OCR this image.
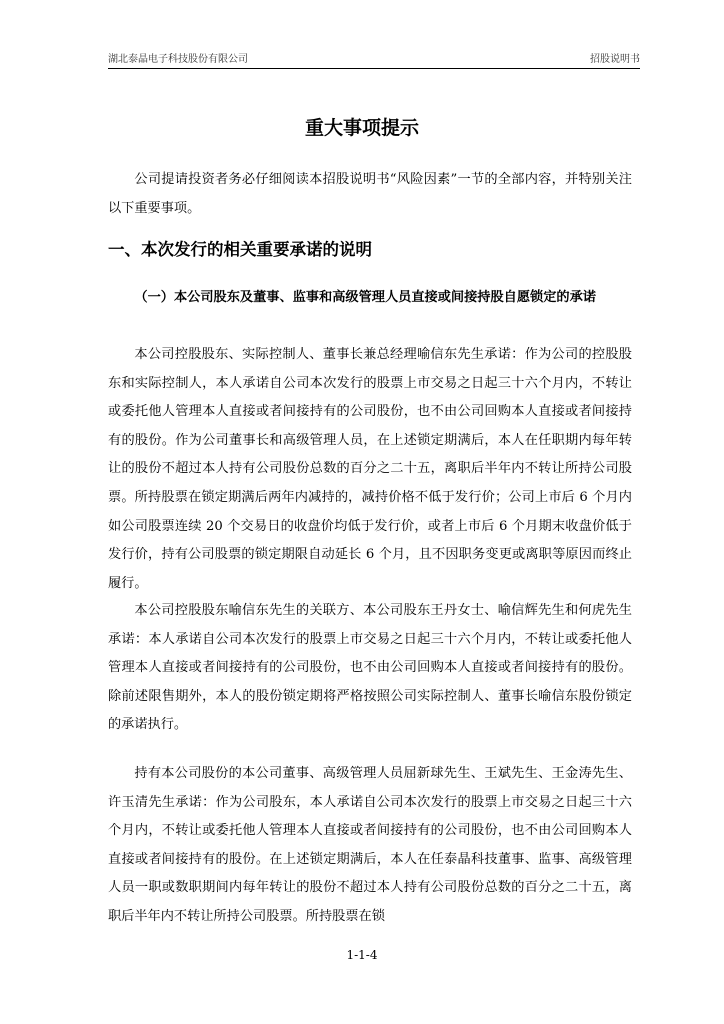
湖北泰晶电子科技股份有限公司	招股说明书
重大事项提示

公司提请投资者务必仔细阅读本招股说明书“风险因素”一节的全部内容，并特别关注以下重要事项。

一、本次发行的相关重要承诺的说明

（一）本公司股东及董事、监事和高级管理人员直接或间接持股自愿锁定的承诺

本公司控股股东、实际控制人、董事长兼总经理喻信东先生承诺：作为公司的控股股东和实际控制人，本人承诺自公司本次发行的股票上市交易之日起三十六个月内，不转让或委托他人管理本人直接或者间接持有的公司股份，也不由公司回购本人直接或者间接持有的股份。作为公司董事长和高级管理人员，在上述锁定期满后，本人在任职期内每年转让的股份不超过本人持有公司股份总数的百分之二十五，离职后半年内不转让所持公司股票。所持股票在锁定期满后两年内减持的，减持价格不低于发行价；公司上市后 6 个月内如公司股票连续 20 个交易日的收盘价均低于发行价，或者上市后 6 个月期末收盘价低于发行价，持有公司股票的锁定期限自动延长 6 个月，且不因职务变更或离职等原因而终止履行。

本公司控股股东喻信东先生的关联方、本公司股东王丹女士、喻信辉先生和何虎先生承诺：本人承诺自公司本次发行的股票上市交易之日起三十六个月内，不转让或委托他人管理本人直接或者间接持有的公司股份，也不由公司回购本人直接或者间接持有的股份。除前述限售期外，本人的股份锁定期将严格按照公司实际控制人、董事长喻信东股份锁定的承诺执行。

持有本公司股份的本公司董事、高级管理人员屈新球先生、王斌先生、王金涛先生、许玉清先生承诺：作为公司股东，本人承诺自公司本次发行的股票上市交易之日起三十六个月内，不转让或委托他人管理本人直接或者间接持有的公司股份，也不由公司回购本人直接或者间接持有的股份。在上述锁定期满后，本人在任泰晶科技董事、监事、高级管理人员一职或数职期间内每年转让的股份不超过本人持有公司股份总数的百分之二十五，离职后半年内不转让所持公司股票。所持股票在锁

1-1-4
